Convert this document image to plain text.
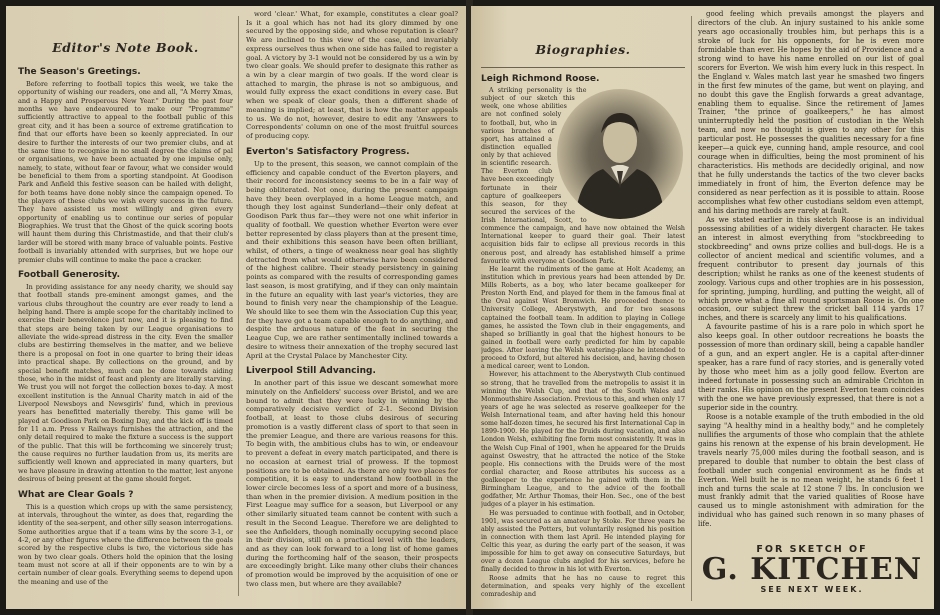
Editor's Note Book.
The Season's Greetings.

Before referring to football topics this week, we take the opportunity of wishing our readers, one and all, "A Merry Xmas, and a Happy and Prosperous New Year." During the past four months we have endeavoured to make our "Programme" sufficiently attractive to appeal to the football public of this great city, and it has been a source of extreme gratification to find that our efforts have been so keenly appreciated. In our desire to further the interests of our two premier clubs, and at the same time to recognise in no small degree the claims of pal or organisations, we have been actuated by one impulse only, namely, to state, without fear or favour, what we consider would be beneficial to them from a sporting standpoint. At Goodison Park and Anfield this festive season can be hailed with delight, for both teams have done nobly since the campaign opened. To the players of these clubs we wish every success in the future. They have assisted us most willingly and given every opportunity of enabling us to continue our series of popular Biographies. We trust that the Ghost of the quick scoring boots will haunt them during this Christmastide, and that their club's larder will be stored with many brace of valuable points. Festive football is invariably attended with surprises, but we hope our premier clubs will continue to make the pace a cracker.

Football Generosity.

In providing assistance for any needy charity, we should say that football stands pre-eminent amongst games, and the various clubs throughout the country are ever ready to lend a helping hand. There is ample scope for the charitably inclined to exercise their benevolence just now, and it is pleasing to find that steps are being taken by our League organisations to alleviate the wide-spread distress in the city. Even the smaller clubs are bestirring themselves in the matter, and we believe there is a proposal on foot in one quarter to bring their ideas into practical shape. By collections on the ground, and by special benefit matches, much can be done towards aiding those, who in the midst of feast and plenty are literally starving. We trust you will not forget the collection boxes to-day. A most excellent institution is the Annual Charity match in aid of the Liverpool Newsboys and Newsgirls' fund, which in previous years has benefitted materially thereby. This game will be played at Goodison Park on Boxing Day, and the kick off is timed for 11 a.m. Press v Railways furnishes the attraction, and the only detail required to make the fixture a success is the support of the public. That this will be forthcoming we sincerely trust; the cause requires no further laudation from us, its merits are sufficiently well known and appreciated in many quarters, but we have pleasure in drawing attention to the matter, lest anyone desirous of being present at the game should forget.

What are Clear Goals ?

This is a question which crops up with the same persistency, at intervals, throughout the winter, as does that, regarding the identity of the sea-serpent, and other silly season interrogations. Some authorities argue that if a team wins by the score 3-1, or 4-2, or any other figures where the difference between the goals scored by the respective clubs is two, the victorious side has won by two clear goals. Others hold the opinion that the losing team must not score at all if their opponents are to win by a certain number of clear goals. Everything seems to depend upon the meaning and use of the

word 'clear.' What, for example, constitutes a clear goal? Is it a goal which has not had its glory dimmed by one secured by the opposing side, and whose reputation is clear? We are inclined to this view of the case, and invariably express ourselves thus when one side has failed to register a goal. A victory by 3-1 would not be considered by us a win by two clear goals. We should prefer to designate this rather as a win by a clear margin of two goals. If the word clear is attached to margin, the phrase is not so ambiguous, and would fully express the exact conditions in every case. But when we speak of clear goals, then a different shade of meaning is implied; at least, that is how the matter appeals to us. We do not, however, desire to edit any 'Answers to Correspondents' column on one of the most fruitful sources of producing copy.

Everton's Satisfactory Progress.

Up to the present, this season, we cannot complain of the efficiency and capable conduct of the Everton players, and their record for inconsistency seems to be in a fair way of being obliterated. Not once, during the present campaign have they been overplayed in a home League match, and though they lost against Sunderland—their only defeat at Goodison Park thus far—they were not one whit inferior in quality of football. We question whether Everton were ever better represented by class players than at the present time, and their exhibitions this season have been often brilliant, whilst, of others, a tinge of weakness near goal has slightly detracted from what would otherwise have been considered of the highest calibre. Their steady persistency in gaining points as compared with the results of corresponding games last season, is most gratifying, and if they can only maintain in the future an equality with last year's victories, they are bound to finish very near the championship of the League. We should like to see them win the Association Cup this year, for they have got a team capable enough to do anything, and despite the arduous nature of the feat in securing the League Cup, we are rather sentimentally inclined towards a desire to witness their annexation of the trophy secured last April at the Crystal Palace by Manchester City.

Liverpool Still Advancing.

In another part of this issue we descant somewhat more minutely on the Anfielders' success over Bristol, and we are bound to admit that they were lucky in winning by the comparatively decisive verdict of 2-1. Second Division football, at least to those clubs desirous of securing promotion is a vastly different class of sport to that seen in the premier League, and there are various reasons for this. To begin with, the ambitious clubs has to win, or endeavour to prevent a defeat in every match participated, and there is no occasion at earnest trial of prowess. If the topmost positions are to be obtained. As there are only two places for competition, it is easy to understand how football in the lower circle becomes less of a sport and more of a business, than when in the premier division. A medium position in the First League may suffice for a season, but Liverpool or any other similarly situated team cannot be content with such a result in the Second League. Therefore we are delighted to see the Anfielders, though nominally occupying second place in their division, still on a practical level with the leaders, and as they can look forward to a long list of home games during the forthcoming half of the season, their prospects are exceedingly bright. Like many other clubs their chances of promotion would be improved by the acquisition of one or two class men, but where are they available?

Biographies.
Leigh Richmond Roose.

A striking personality is the subject of our sketch this week, one whose abilities are not confined solely to football, but, who in various branches of sport, has attained a distinction equalled only by that achieved in scientific research. The Everton club have been exceedingly fortunate in their capture of goalkeepers this season, for they secured the services of the Irish International, Scott, to commence the campaign, and have now obtained the Welsh International keeper to guard their goal. Their latest acquisition bids fair to eclipse all previous records in this onerous post, and already has established himself a prime favourite with everyone at Goodison Park.

He learnt the rudiments of the game at Holt Academy, an institution which in previous years had been attended by Dr. Mills Roberts, as a boy, who later became goalkeeper for Preston North End, and played for them in the famous final at the Oval against West Bromwich. He proceeded thence to University College, Aberystwyth, and for two seasons captained the football team. In addition to playing in College games, he assisted the Town club in their engagements, and shaped so brilliantly in goal that the highest honours to be gained in football were early predicted for him by capable judges. After leaving the Welsh watering-place he intended to proceed to Oxford, but altered his decision, and, having chosen a medical career, went to London.

However, his attachment to the Aberystwyth Club continued so strong, that he travelled from the metropolis to assist it in winning the Welsh Cup, and that of the South Wales and Monmouthshire Association. Previous to this, and when only 17 years of age he was selected as reserve goalkeeper for the Welsh International team, and after having held this honour some half-dozen times, he secured his first International Cap in 1899-1900. He played for the Druids during vacation, and also London Welsh, exhibiting fine form most consistently. It was in the Welsh Cup Final of 1901, when he appeared for the Druids against Oswestry, that he attracted the notice of the Stoke people. His connections with the Druids were of the most cordial character, and Roose attributes his success as a goalkeeper to the experience he gained with them in the Birmingham League, and to the advice of the football godfather, Mr. Arthur Thomas, their Hon. Sec., one of the best judges of a player in his estimation.

He was persuaded to continue with football, and in October, 1901, was secured as an amateur by Stoke. For three years he ably assisted the Potters, but voluntarily resigned his position in connection with them last April. He intended playing for Celtic this year, as during the early part of the season, it was impossible for him to get away on consecutive Saturdays, but over a dozen League clubs angled for his services, before he finally decided to throw in his lot with Everton.

Roose admits that he has no cause to regret this determination, and speaks very highly of the excellent comradeship and

good feeling which prevails amongst the players and directors of the club. An injury sustained to his ankle some years ago occasionally troubles him, but perhaps this is a stroke of luck for his opponents, for he is even more formidable than ever. He hopes by the aid of Providence and a strong wind to have his name enrolled on our list of goal scorers for Everton. We wish him every luck in this respect. In the England v. Wales match last year he smashed two fingers in the first few minutes of the game, but went on playing, and no doubt this gave the English forwards a great advantage, enabling them to equalise. Since the retirement of James Trainer, "the prince of goalkeepers," he has almost uninterruptedly held the position of custodian in the Welsh team, and now no thought is given to any other for this particular post. He possesses the qualities necessary for a fine keeper—a quick eye, cunning hand, ample resource, and cool courage when in difficulties, being the most prominent of his characteristics. His methods are decidedly original, and now that he fully understands the tactics of the two clever backs immediately in front of him, the Everton defence may be considered as near perfection as it is possible to attain. Roose accomplishes what few other custodians seldom even attempt, and his daring methods are rarely at fault.

As we stated earlier in this sketch Roose is an individual possessing abilities of a widely divergent character. He takes an interest in almost everything from "stockbreeding to stockbreeding" and owns prize collies and bull-dogs. He is a collector of ancient medical and scientific volumes, and a frequent contributor to present day journals of this description; whilst he ranks as one of the keenest students of zoology. Various cups and other trophies are in his possession, for sprinting, jumping, hurdling, and putting the weight, all of which prove what a fine all round sportsman Roose is. On one occasion, our subject threw the cricket ball 114 yards 17 inches, and there is scarcely any limit to his qualifications.

A favourite pastime of his is a rare polo in which sport he also keeps goal. In other outdoor recreations he boasts the possession of more than ordinary skill, being a capable handler of a gun, and an expert angler. He is a capital after-dinner speaker, has a rare fund of racy stories, and is generally voted by those who meet him as a jolly good fellow. Everton are indeed fortunate in possessing such an admirable Crichton in their ranks. His opinion on the present Everton team coincides with the one we have previously expressed, that there is not a superior side in the country.

Roose is a notable example of the truth embodied in the old saying "A healthy mind in a healthy body," and he completely nullifies the arguments of those who complain that the athlete gains his renown at the expense of his brain development. He travels nearly 75,000 miles during the football season, and is prepared to double that number to obtain the best class of football under such congenial environment as he finds at Everton. Well built he is no mean weight, he stands 6 feet 1 inch and turns the scale at 12 stone 7 lbs. In conclusion we must frankly admit that the varied qualities of Roose have caused us to mingle astonishment with admiration for the individual who has gained such renown in so many phases of life.

FOR SKETCH OF
G. KITCHEN
SEE NEXT WEEK.
